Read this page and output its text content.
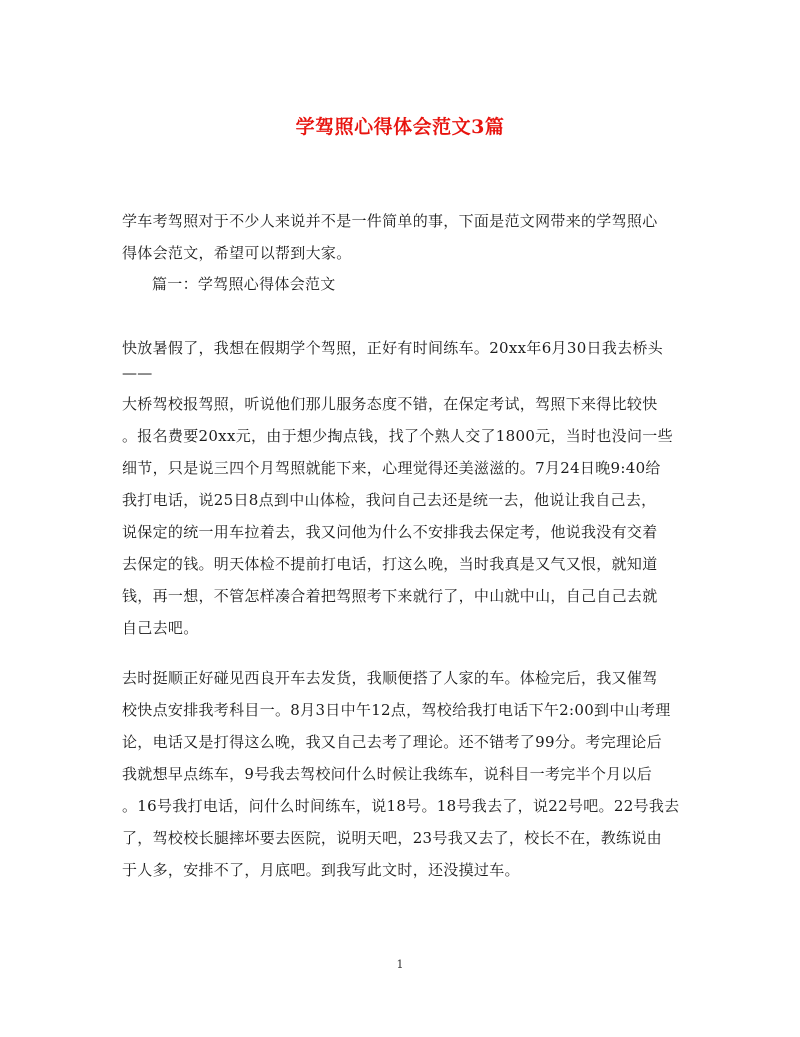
学驾照心得体会范文3篇
学车考驾照对于不少人来说并不是一件简单的事，下面是范文网带来的学驾照心
得体会范文，希望可以帮到大家。
篇一：学驾照心得体会范文
快放暑假了，我想在假期学个驾照，正好有时间练车。20xx年6月30日我去桥头
——
大桥驾校报驾照，听说他们那儿服务态度不错，在保定考试，驾照下来得比较快
。报名费要20xx元，由于想少掏点钱，找了个熟人交了1800元，当时也没问一些
细节，只是说三四个月驾照就能下来，心理觉得还美滋滋的。7月24日晚9:40给
我打电话，说25日8点到中山体检，我问自己去还是统一去，他说让我自己去，
说保定的统一用车拉着去，我又问他为什么不安排我去保定考，他说我没有交着
去保定的钱。明天体检不提前打电话，打这么晚，当时我真是又气又恨，就知道
钱，再一想，不管怎样凑合着把驾照考下来就行了，中山就中山，自己自己去就
自己去吧。
去时挺顺正好碰见西良开车去发货，我顺便搭了人家的车。体检完后，我又催驾
校快点安排我考科目一。8月3日中午12点，驾校给我打电话下午2:00到中山考理
论，电话又是打得这么晚，我又自己去考了理论。还不错考了99分。考完理论后
我就想早点练车，9号我去驾校问什么时候让我练车，说科目一考完半个月以后
。16号我打电话，问什么时间练车，说18号。18号我去了，说22号吧。22号我去
了，驾校校长腿摔坏要去医院，说明天吧，23号我又去了，校长不在，教练说由
于人多，安排不了，月底吧。到我写此文时，还没摸过车。
1
